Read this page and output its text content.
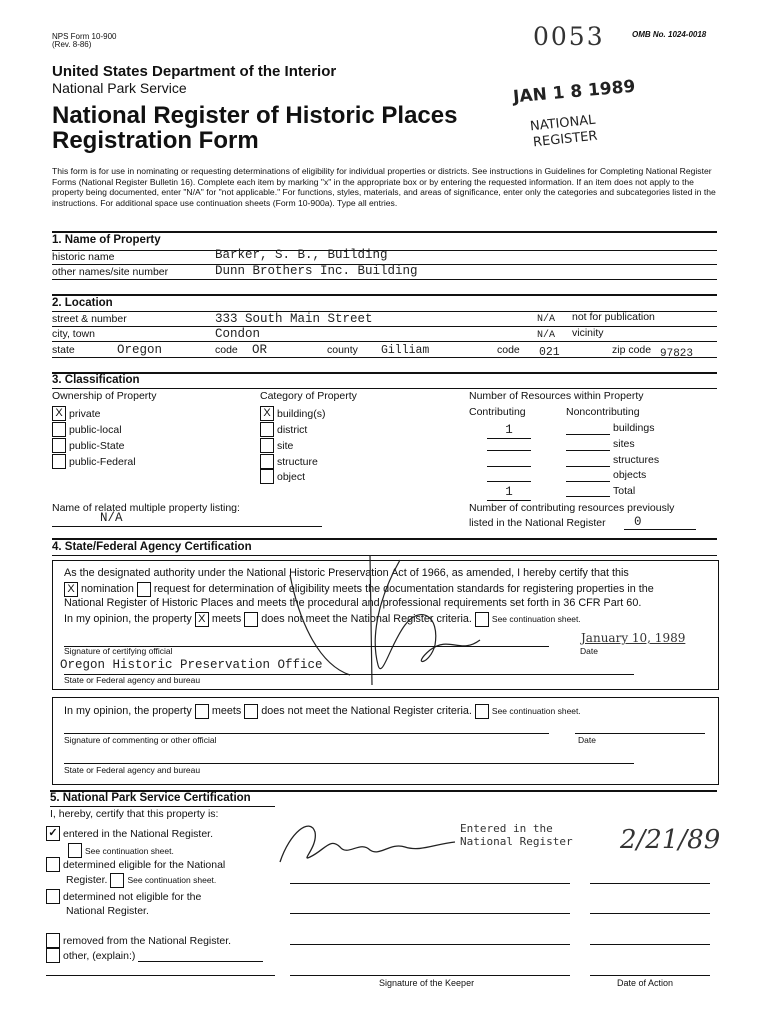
NPS Form 10-900
(Rev. 8-86)	0053	OMB No. 1024-0018
United States Department of the Interior
National Park Service
National Register of Historic Places
Registration Form
JAN 1 8 1989
NATIONAL
REGISTER
This form is for use in nominating or requesting determinations of eligibility for individual properties or districts. See instructions in Guidelines for Completing National Register Forms (National Register Bulletin 16). Complete each item by marking "x" in the appropriate box or by entering the requested information. If an item does not apply to the property being documented, enter "N/A" for "not applicable." For functions, styles, materials, and areas of significance, enter only the categories and subcategories listed in the instructions. For additional space use continuation sheets (Form 10-900a). Type all entries.
1. Name of Property
historic name	Barker, S. B., Building
other names/site number	Dunn Brothers Inc. Building
2. Location
street & number	333 South Main Street	N/A not for publication
city, town	Condon	N/A vicinity
state	Oregon	code OR	county Gilliam	code 021	zip code 97823
3. Classification
Ownership of Property
X private
public-local
public-State
public-Federal
Category of Property
X building(s)
district
site
structure
object
Number of Resources within Property
Contributing	Noncontributing
1	buildings
sites
structures
objects
1	Total
Name of related multiple property listing:
N/A
Number of contributing resources previously
listed in the National Register 0
4. State/Federal Agency Certification
As the designated authority under the National Historic Preservation Act of 1966, as amended, I hereby certify that this
X nomination request for determination of eligibility meets the documentation standards for registering properties in the
National Register of Historic Places and meets the procedural and professional requirements set forth in 36 CFR Part 60.
In my opinion, the property X meets does not meet the National Register criteria. See continuation sheet.
January 10, 1989
Signature of certifying official	Date
Oregon Historic Preservation Office
State or Federal agency and bureau
In my opinion, the property meets does not meet the National Register criteria. See continuation sheet.
Signature of commenting or other official	Date
State or Federal agency and bureau
5. National Park Service Certification
I, hereby, certify that this property is:
✓ entered in the National Register.
See continuation sheet.
determined eligible for the National
Register. See continuation sheet.
determined not eligible for the
National Register.
removed from the National Register.
other, (explain:)
Entered in the
National Register 2/21/89
Signature of the Keeper	Date of Action
